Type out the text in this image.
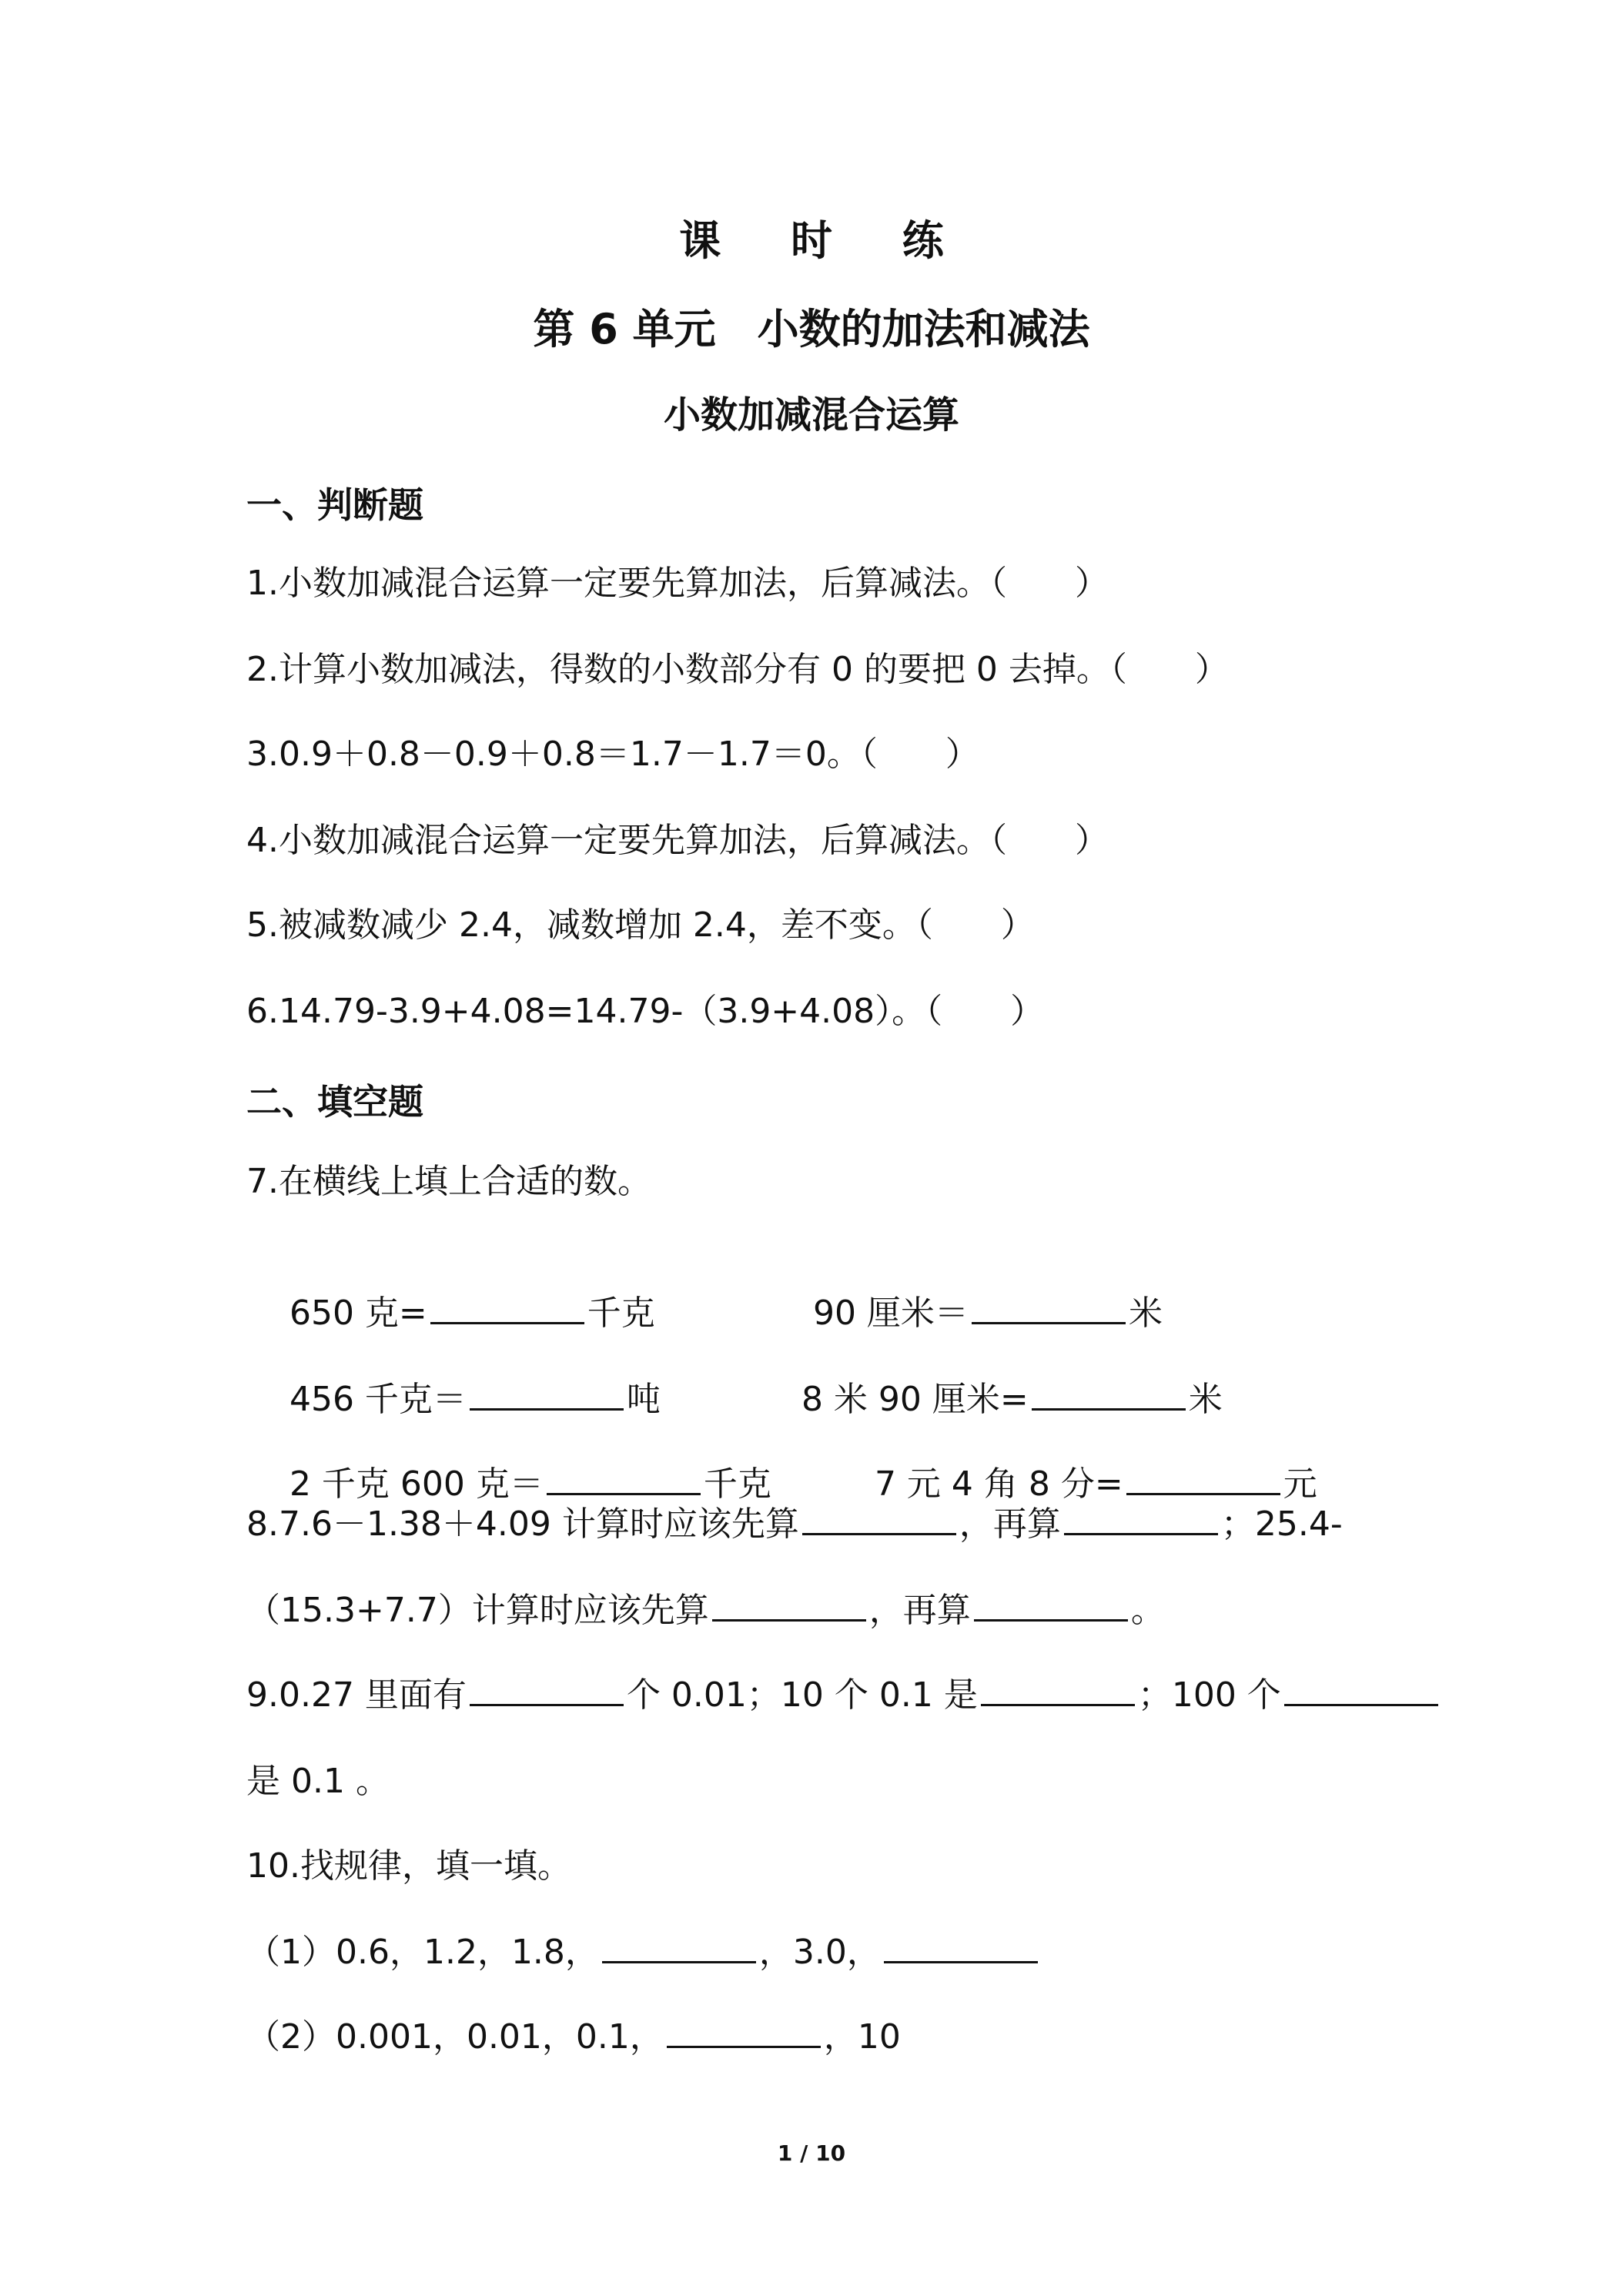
课 时 练
第 6 单元　小数的加法和减法
小数加减混合运算
一、判断题
1.小数加减混合运算一定要先算加法，后算减法。（　　）
2.计算小数加减法，得数的小数部分有 0 的要把 0 去掉。（　　）
3.0.9＋0.8－0.9＋0.8＝1.7－1.7＝0。（　　）
4.小数加减混合运算一定要先算加法，后算减法。（　　）
5.被减数减少 2.4，减数增加 2.4，差不变。（　　）
6.14.79-3.9+4.08=14.79-（3.9+4.08）。（　　）
二、填空题
7.在横线上填上合适的数。

650 克=	千克
	90 厘米＝	米

456 千克＝	吨
	8 米 90 厘米=	米

2 千克 600 克＝	千克
	7 元 4 角 8 分=	元

8.7.6－1.38＋4.09 计算时应该先算	，再算	；25.4-
（15.3+7.7）计算时应该先算	，再算	。
9.0.27 里面有	个 0.01；10 个 0.1 是	；100 个
是 0.1 。
10.找规律，填一填。
（1）0.6，1.2，1.8，	，3.0，
（2）0.001，0.01，0.1，	，10
1 / 10
